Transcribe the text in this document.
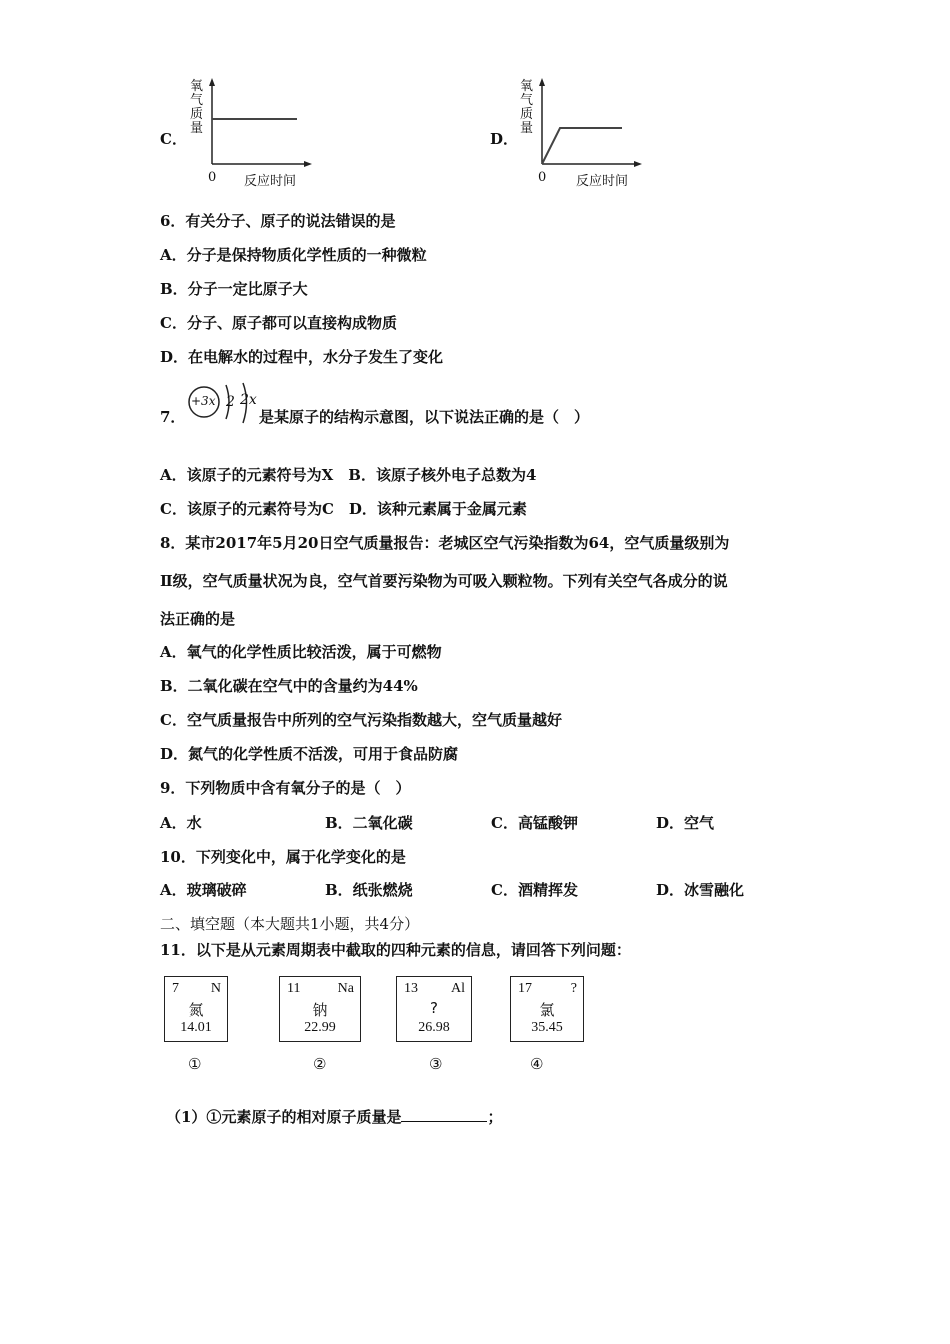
C．
氧
气
质
量
0 反应时间
D．
氧
气
质
量
0 反应时间
6．有关分子、原子的说法错误的是
A．分子是保持物质化学性质的一种微粒
B．分子一定比原子大
C．分子、原子都可以直接构成物质
D．在电解水的过程中，水分子发生了变化
7．
+3x 2 2x
是某原子的结构示意图，以下说法正确的是（　）
A．该原子的元素符号为X　B．该原子核外电子总数为4
C．该原子的元素符号为C　D．该种元素属于金属元素
8．某市2017年5月20日空气质量报告：老城区空气污染指数为64，空气质量级别为
Ⅱ级，空气质量状况为良，空气首要污染物为可吸入颗粒物。下列有关空气各成分的说
法正确的是
A．氧气的化学性质比较活泼，属于可燃物
B．二氧化碳在空气中的含量约为44%
C．空气质量报告中所列的空气污染指数越大，空气质量越好
D．氮气的化学性质不活泼，可用于食品防腐
9．下列物质中含有氧分子的是（　）
A．水	B．二氧化碳	C．高锰酸钾	D．空气
10．下列变化中，属于化学变化的是
A．玻璃破碎	B．纸张燃烧	C．酒精挥发	D．冰雪融化
二、填空题（本大题共1小题，共4分）
11．以下是从元素周期表中截取的四种元素的信息，请回答下列问题：
7 N
氮
14.01
11	Na
钠
22.99
13 Al
?
26.98
17	?
氯
35.45
①	②	③	④
（1）①元素原子的相对原子质量是	；
